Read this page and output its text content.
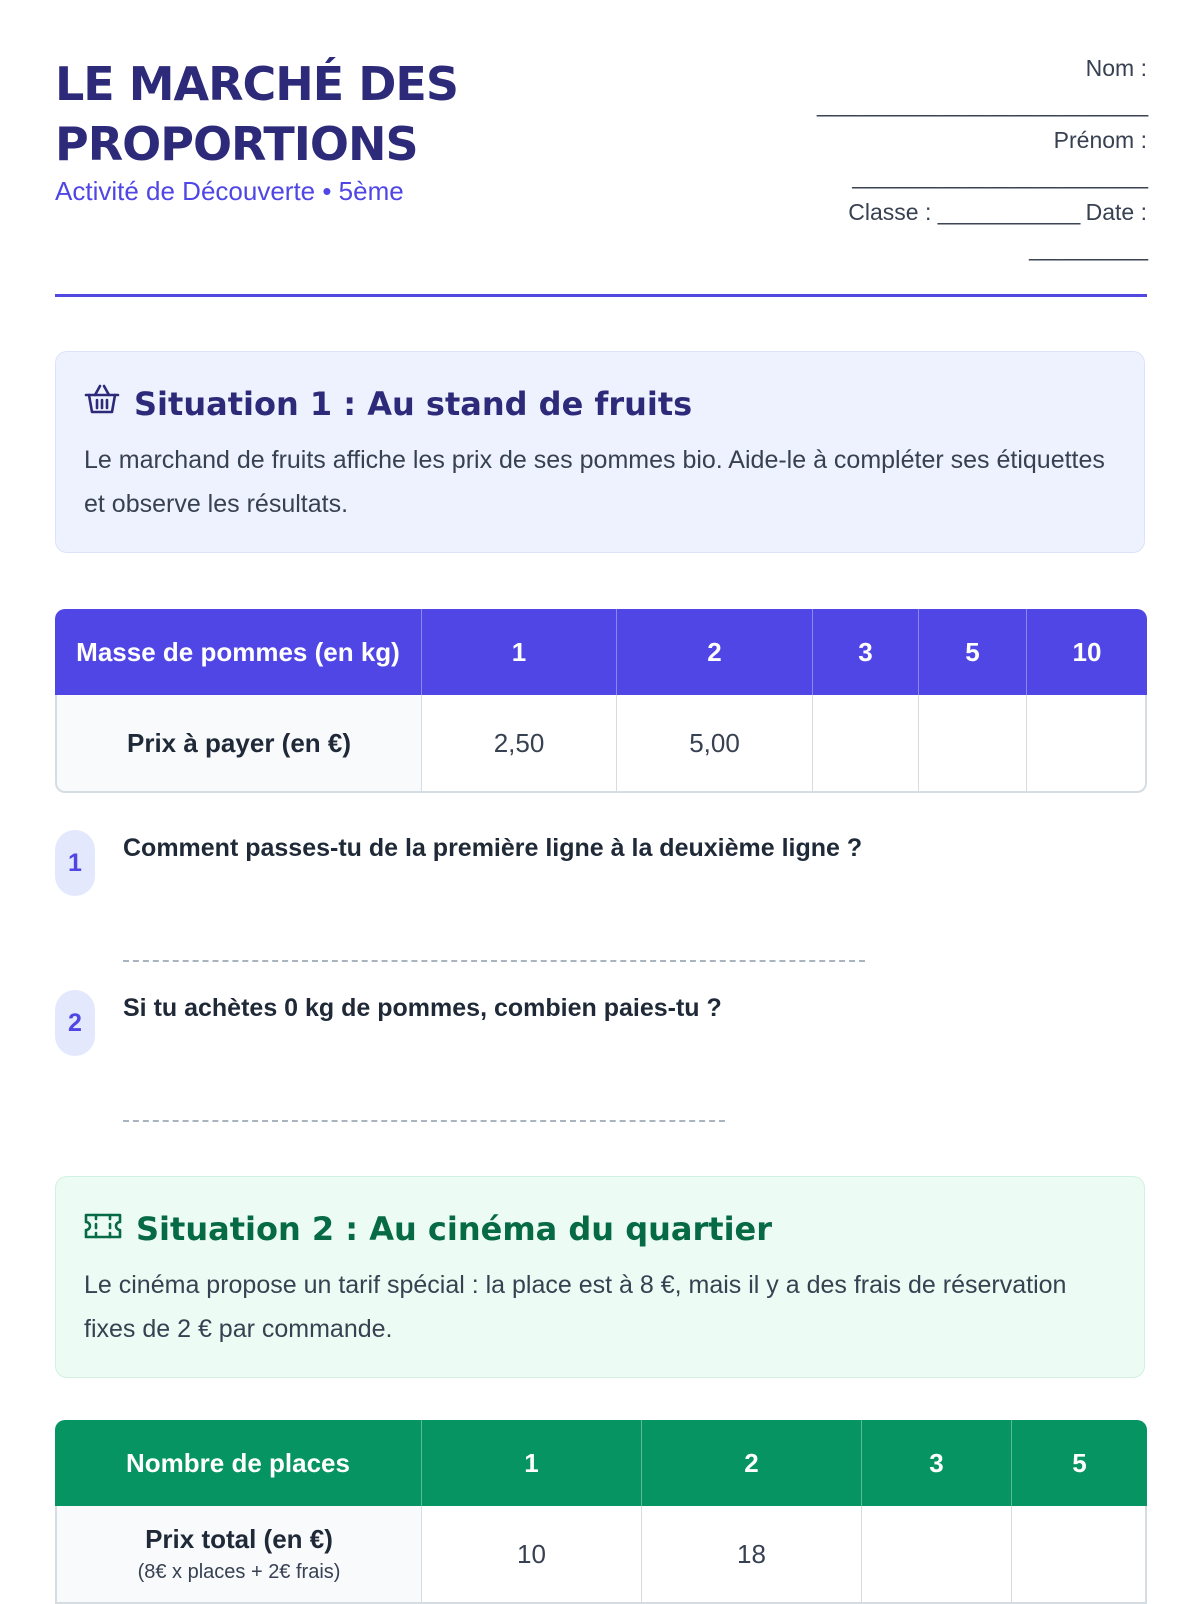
LE MARCHÉ DES
PROPORTIONS
Activité de Découverte • 5ème
Nom :
____________________________
Prénom :
_________________________
Classe : ____________ Date :
__________
Situation 1 : Au stand de fruits

Le marchand de fruits affiche les prix de ses pommes bio. Aide-le à compléter ses étiquettes et observe les résultats.

Masse de pommes (en kg)	1	2	3	5	10
Prix à payer (en €)	2,50	5,00			
1
Comment passes-tu de la première ligne à la deuxième ligne ?
2
Si tu achètes 0 kg de pommes, combien paies-tu ?
Situation 2 : Au cinéma du quartier

Le cinéma propose un tarif spécial : la place est à 8 €, mais il y a des frais de réservation fixes de 2 € par commande.

Nombre de places	1	2	3	5
Prix total (en €)
(8€ x places + 2€ frais)	10	18		
